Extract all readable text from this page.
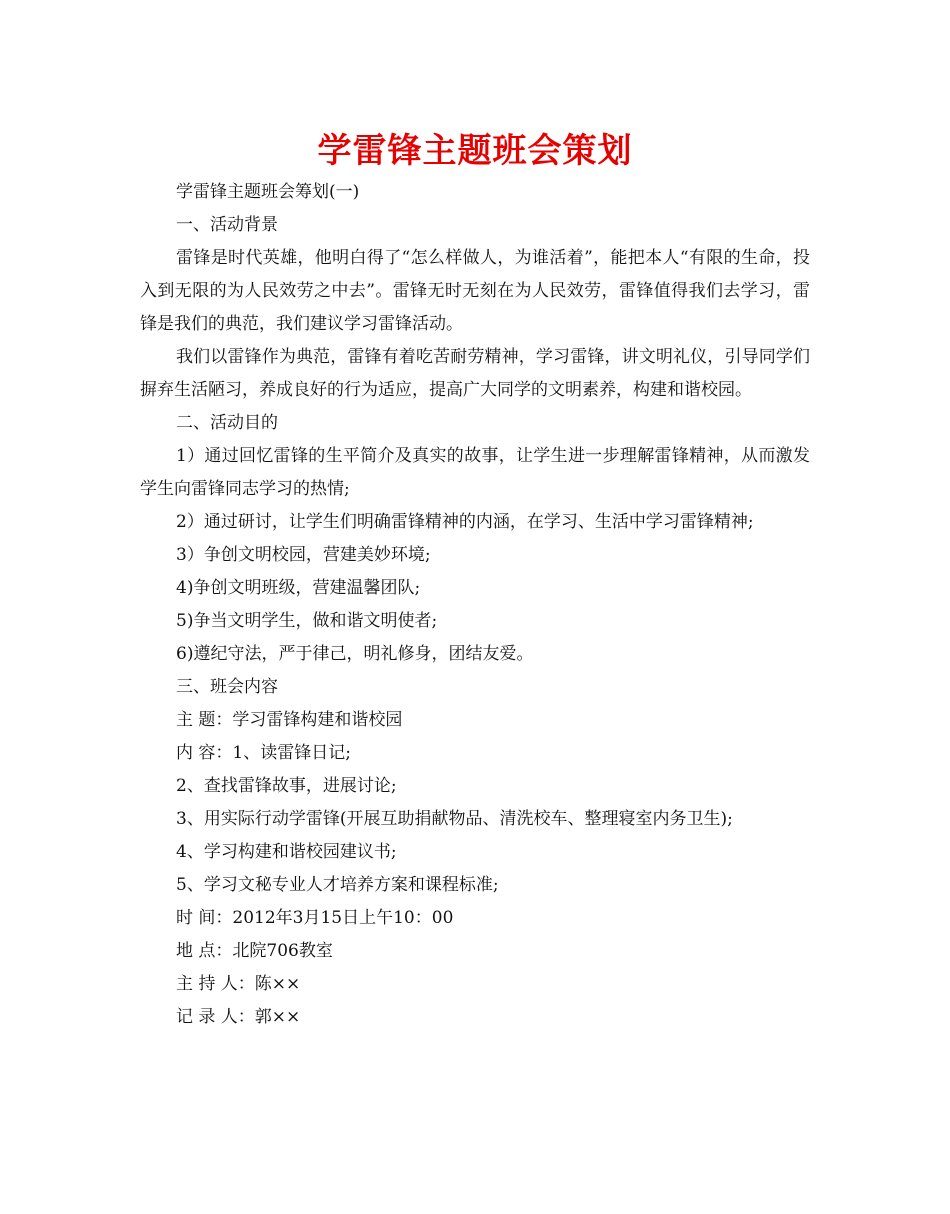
学雷锋主题班会策划

学雷锋主题班会筹划(一)

一、活动背景

雷锋是时代英雄，他明白得了“怎么样做人，为谁活着”，能把本人“有限的生命，投入到无限的为人民效劳之中去”。雷锋无时无刻在为人民效劳，雷锋值得我们去学习，雷锋是我们的典范，我们建议学习雷锋活动。

我们以雷锋作为典范，雷锋有着吃苦耐劳精神，学习雷锋，讲文明礼仪，引导同学们摒弃生活陋习，养成良好的行为适应，提高广大同学的文明素养，构建和谐校园。

二、活动目的

1）通过回忆雷锋的生平简介及真实的故事，让学生进一步理解雷锋精神，从而激发学生向雷锋同志学习的热情;

2）通过研讨，让学生们明确雷锋精神的内涵，在学习、生活中学习雷锋精神;

3）争创文明校园，营建美妙环境;

4)争创文明班级，营建温馨团队;

5)争当文明学生，做和谐文明使者;

6)遵纪守法，严于律己，明礼修身，团结友爱。

三、班会内容

主 题：学习雷锋构建和谐校园

内 容：1、读雷锋日记;

2、查找雷锋故事，进展讨论;

3、用实际行动学雷锋(开展互助捐献物品、清洗校车、整理寝室内务卫生);

4、学习构建和谐校园建议书;

5、学习文秘专业人才培养方案和课程标准;

时 间：2012年3月15日上午10：00

地 点：北院706教室

主 持 人：陈××

记 录 人：郭××
